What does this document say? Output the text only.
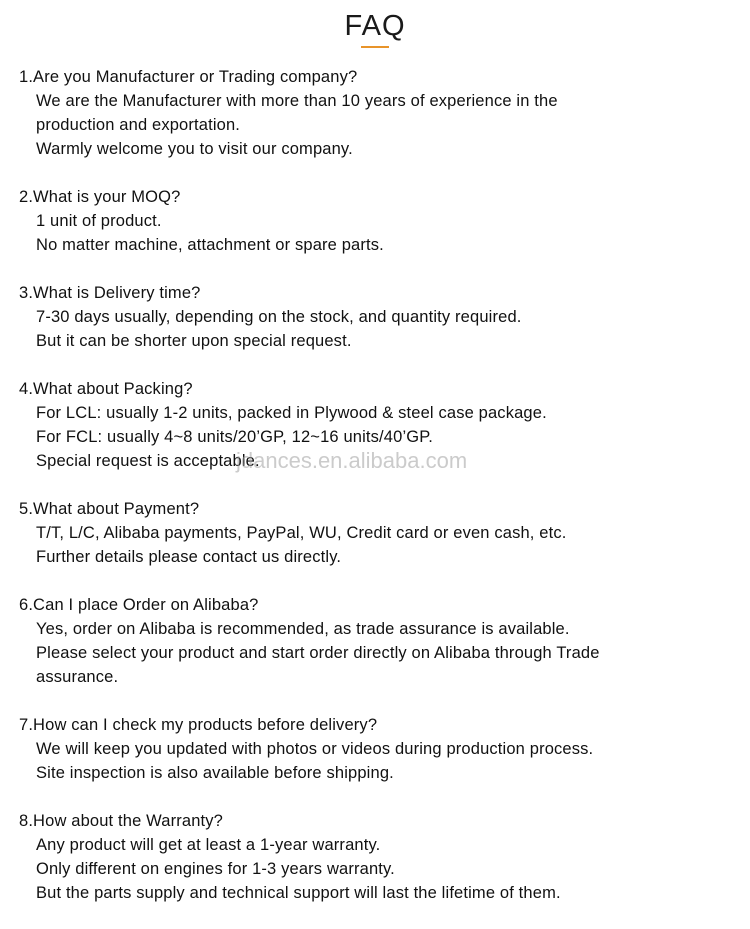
FAQ
1.Are you Manufacturer or Trading company?
We are the Manufacturer with more than 10 years of experience in the
production and exportation.
Warmly welcome you to visit our company.
2.What is your MOQ?
1 unit of product.
No matter machine, attachment or spare parts.
3.What is Delivery time?
7-30 days usually, depending on the stock, and quantity required.
But it can be shorter upon special request.
4.What about Packing?
For LCL: usually 1-2 units, packed in Plywood & steel case package.
For FCL: usually 4~8 units/20’GP, 12~16 units/40’GP.
Special request is acceptable.
5.What about Payment?
T/T, L/C, Alibaba payments, PayPal, WU, Credit card or even cash, etc.
Further details please contact us directly.
6.Can I place Order on Alibaba?
Yes, order on Alibaba is recommended, as trade assurance is available.
Please select your product and start order directly on Alibaba through Trade
assurance.
7.How can I check my products before delivery?
We will keep you updated with photos or videos during production process.
Site inspection is also available before shipping.
8.How about the Warranty?
Any product will get at least a 1-year warranty.
Only different on engines for 1-3 years warranty.
But the parts supply and technical support will last the lifetime of them.
jdances.en.alibaba.com
